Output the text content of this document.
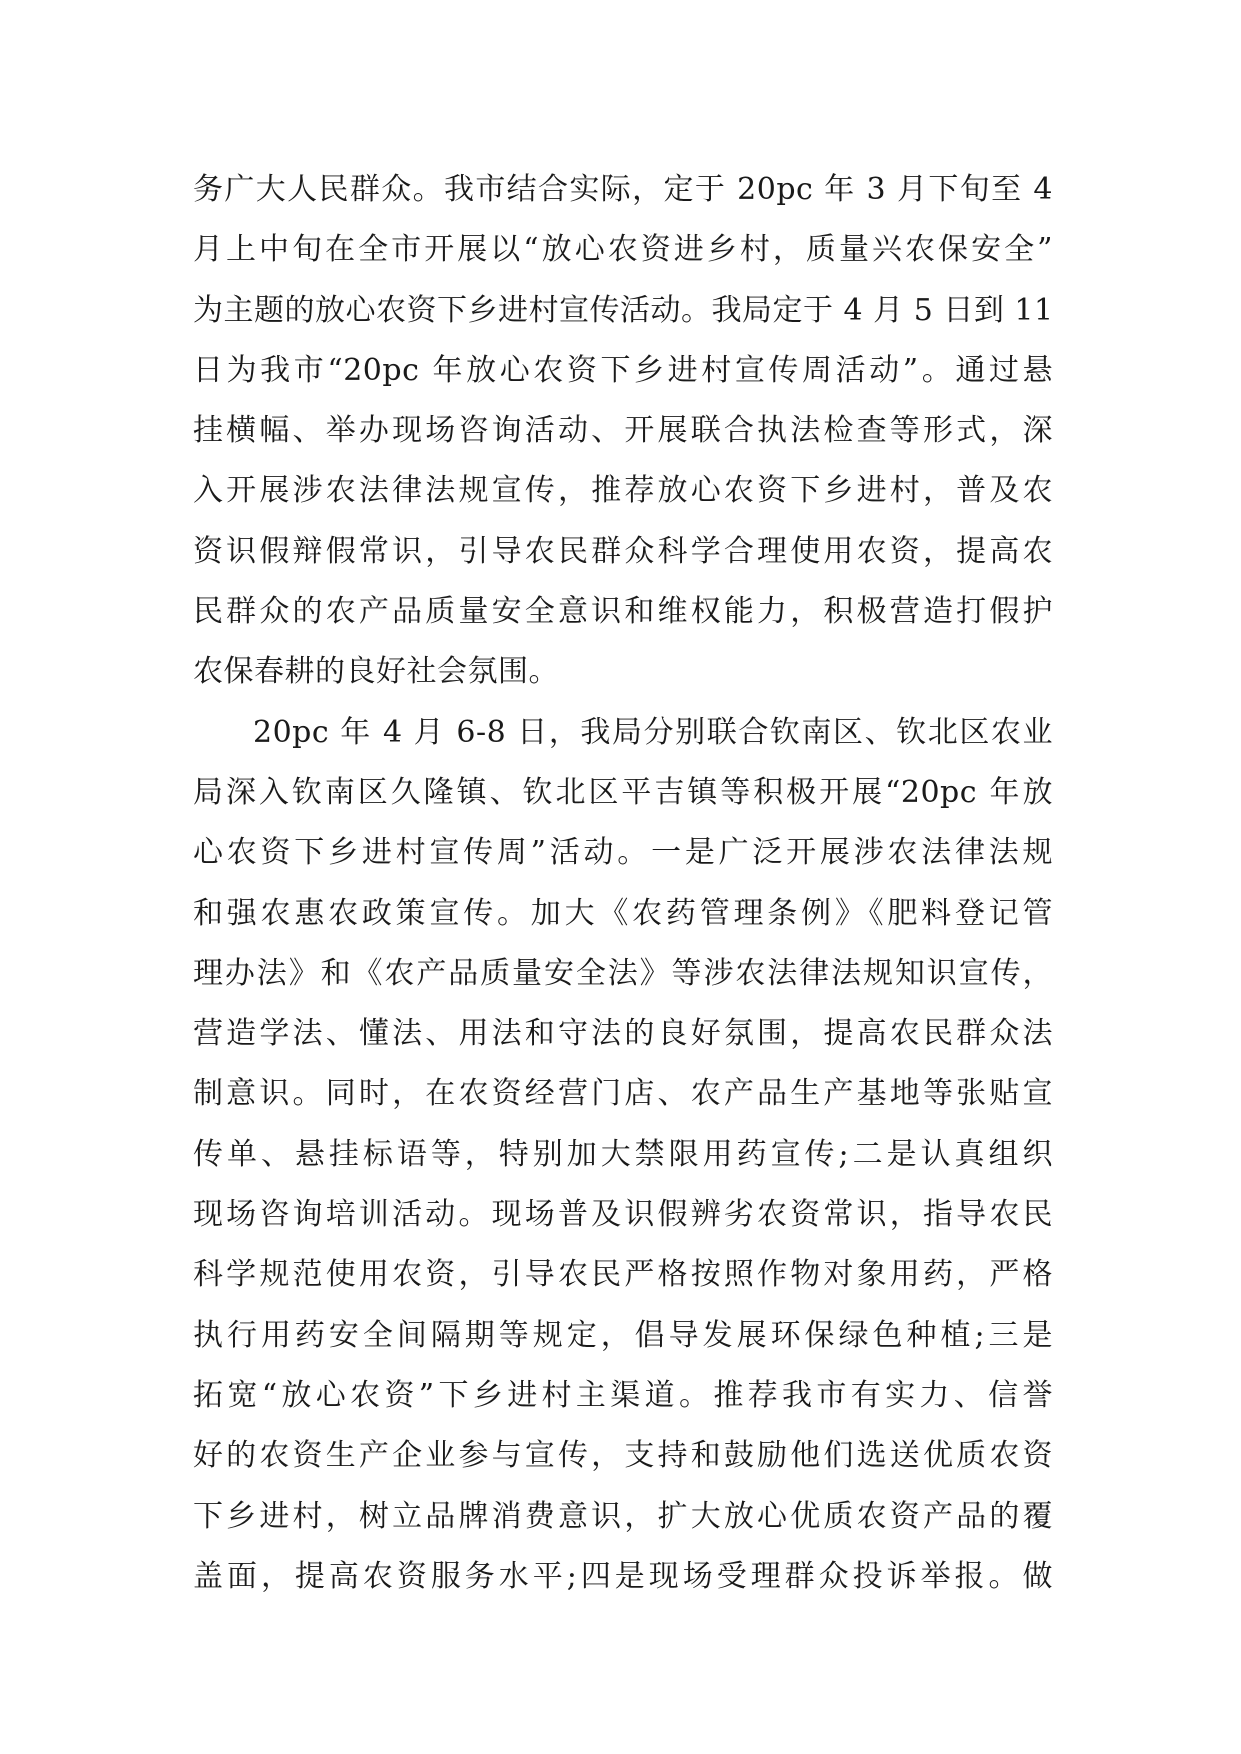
务广大人民群众。我市结合实际，定于 20pc 年 3 月下旬至 4
月上中旬在全市开展以“放心农资进乡村，质量兴农保安全”
为主题的放心农资下乡进村宣传活动。我局定于 4 月 5 日到 11
日为我市“20pc 年放心农资下乡进村宣传周活动”。通过悬
挂横幅、举办现场咨询活动、开展联合执法检查等形式，深
入开展涉农法律法规宣传，推荐放心农资下乡进村，普及农
资识假辩假常识，引导农民群众科学合理使用农资，提高农
民群众的农产品质量安全意识和维权能力，积极营造打假护
农保春耕的良好社会氛围。
20pc 年 4 月 6-8 日，我局分别联合钦南区、钦北区农业
局深入钦南区久隆镇、钦北区平吉镇等积极开展“20pc 年放
心农资下乡进村宣传周”活动。一是广泛开展涉农法律法规
和强农惠农政策宣传。加大《农药管理条例》《肥料登记管
理办法》和《农产品质量安全法》等涉农法律法规知识宣传，
营造学法、懂法、用法和守法的良好氛围，提高农民群众法
制意识。同时，在农资经营门店、农产品生产基地等张贴宣
传单、悬挂标语等，特别加大禁限用药宣传;二是认真组织
现场咨询培训活动。现场普及识假辨劣农资常识，指导农民
科学规范使用农资，引导农民严格按照作物对象用药，严格
执行用药安全间隔期等规定，倡导发展环保绿色种植;三是
拓宽“放心农资”下乡进村主渠道。推荐我市有实力、信誉
好的农资生产企业参与宣传，支持和鼓励他们选送优质农资
下乡进村，树立品牌消费意识，扩大放心优质农资产品的覆
盖面，提高农资服务水平;四是现场受理群众投诉举报。做
